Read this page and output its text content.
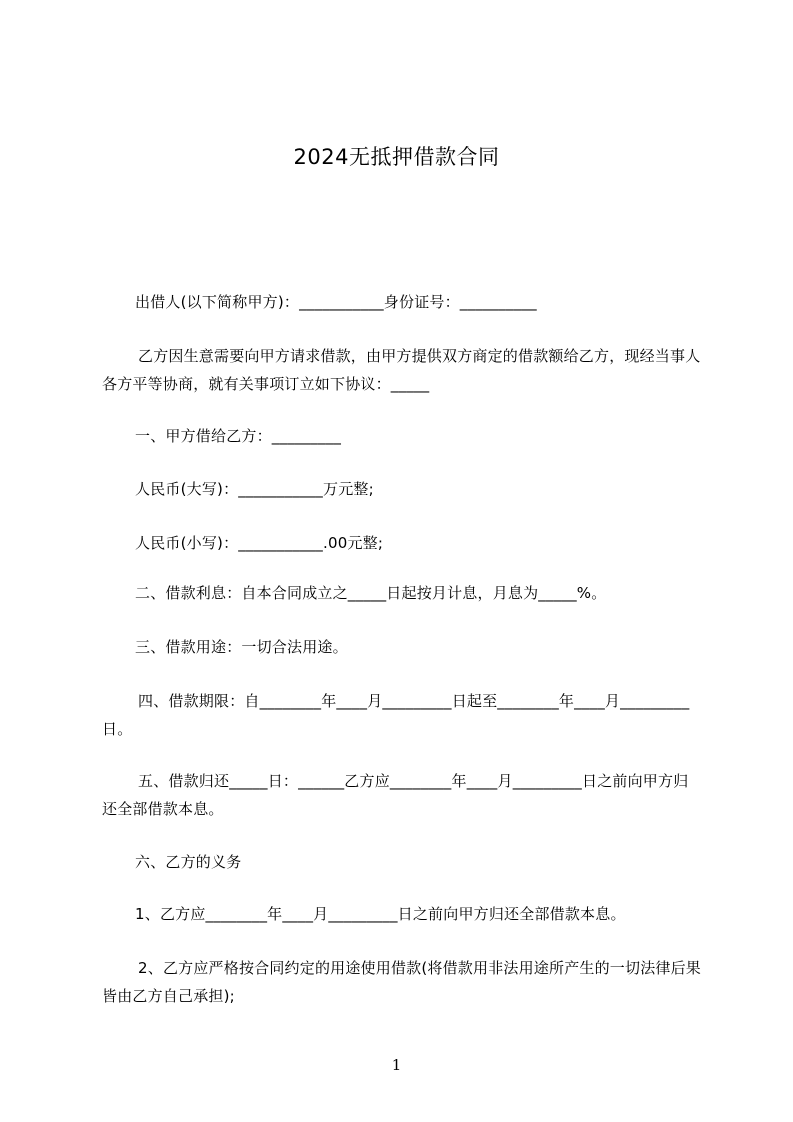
2024无抵押借款合同
出借人(以下简称甲方)：___________身份证号：__________
乙方因生意需要向甲方请求借款，由甲方提供双方商定的借款额给乙方，现经当事人各方平等协商，就有关事项订立如下协议：_____
一、甲方借给乙方：_________
人民币(大写)：___________万元整;
人民币(小写)：___________.00元整;
二、借款利息：自本合同成立之_____日起按月计息，月息为_____%。
三、借款用途：一切合法用途。
四、借款期限：自________年____月_________日起至________年____月_________日。
五、借款归还_____日：______乙方应________年____月_________日之前向甲方归还全部借款本息。
六、乙方的义务
1、乙方应________年____月_________日之前向甲方归还全部借款本息。
2、乙方应严格按合同约定的用途使用借款(将借款用非法用途所产生的一切法律后果皆由乙方自己承担);
1
